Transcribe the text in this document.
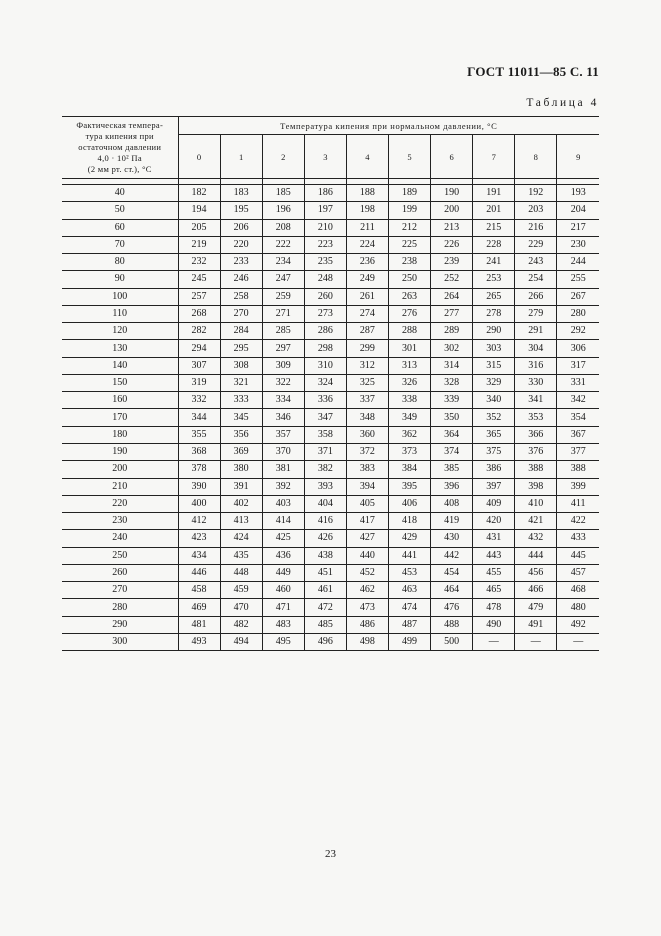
ГОСТ 11011—85 С. 11
Таблица 4
Фактическая темпера-
тура кипения при
остаточном давлении
4,0 · 10² Па
(2 мм рт. ст.), °С	Температура кипения при нормальном давлении, °С									
	0	1	2	3	4	5	6	7	8	9

40	182	183	185	186	188	189	190	191	192	193
50	194	195	196	197	198	199	200	201	203	204
60	205	206	208	210	211	212	213	215	216	217
70	219	220	222	223	224	225	226	228	229	230
80	232	233	234	235	236	238	239	241	243	244
90	245	246	247	248	249	250	252	253	254	255
100	257	258	259	260	261	263	264	265	266	267
110	268	270	271	273	274	276	277	278	279	280
120	282	284	285	286	287	288	289	290	291	292
130	294	295	297	298	299	301	302	303	304	306
140	307	308	309	310	312	313	314	315	316	317
150	319	321	322	324	325	326	328	329	330	331
160	332	333	334	336	337	338	339	340	341	342
170	344	345	346	347	348	349	350	352	353	354
180	355	356	357	358	360	362	364	365	366	367
190	368	369	370	371	372	373	374	375	376	377
200	378	380	381	382	383	384	385	386	388	388
210	390	391	392	393	394	395	396	397	398	399
220	400	402	403	404	405	406	408	409	410	411
230	412	413	414	416	417	418	419	420	421	422
240	423	424	425	426	427	429	430	431	432	433
250	434	435	436	438	440	441	442	443	444	445
260	446	448	449	451	452	453	454	455	456	457
270	458	459	460	461	462	463	464	465	466	468
280	469	470	471	472	473	474	476	478	479	480
290	481	482	483	485	486	487	488	490	491	492
300	493	494	495	496	498	499	500	—	—	—
23
